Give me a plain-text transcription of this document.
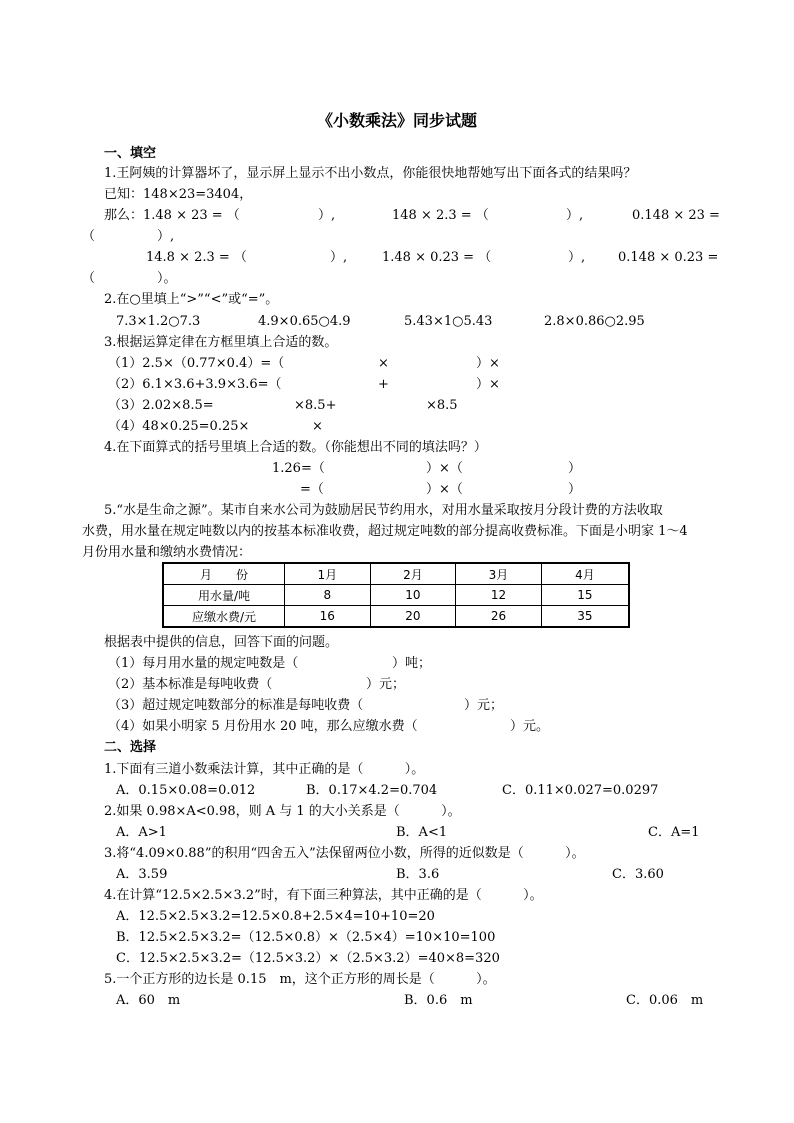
《小数乘法》同步试题
一、填空
1.王阿姨的计算器坏了，显示屏上显示不出小数点，你能很快地帮她写出下面各式的结果吗？
已知：148×23=3404，
那么：1.48 × 23 = （	）,	148 × 2.3 = （	）,	0.148 × 23 =
（               ）,
14.8 × 2.3 = （	）,	1.48 × 0.23 = （	）,	0.148 × 0.23 =
（               ）。
2.在○里填上“>”“<”或“=”。
7.3×1.2○7.3	4.9×0.65○4.9	5.43×1○5.43	2.8×0.86○2.95
3.根据运算定律在方框里填上合适的数。
（1）2.5×（0.77×0.4）=（	×	）×
（2）6.1×3.6+3.9×3.6=（	+	）×
（3）2.02×8.5=	×8.5+	×8.5
（4）48×0.25=0.25×	×
4.在下面算式的括号里填上合适的数。（你能想出不同的填法吗？）
1.26=（	）×（	）
=（	）×（	）
5.“水是生命之源”。某市自来水公司为鼓励居民节约用水，对用水量采取按月分段计费的方法收取
水费，用水量在规定吨数以内的按基本标准收费，超过规定吨数的部分提高收费标准。下面是小明家 1～4
月份用水量和缴纳水费情况：
月　　份	1月	2月	3月	4月
用水量/吨	8	10	12	15
应缴水费/元	16	20	26	35
根据表中提供的信息，回答下面的问题。
（1）每月用水量的规定吨数是（	）吨；
（2）基本标准是每吨收费（	）元；
（3）超过规定吨数部分的标准是每吨收费（	）元；
（4）如果小明家 5 月份用水 20 吨，那么应缴水费（	）元。
二、选择
1.下面有三道小数乘法计算，其中正确的是（          ）。
A．0.15×0.08=0.012	B．0.17×4.2=0.704	C．0.11×0.027=0.0297
2.如果 0.98×A<0.98，则 A 与 1 的大小关系是（          ）。
A．A>1	B．A<1	C．A=1
3.将“4.09×0.88”的积用“四舍五入”法保留两位小数，所得的近似数是（          ）。
A．3.59	B．3.6	C．3.60
4.在计算“12.5×2.5×3.2”时，有下面三种算法，其中正确的是（          ）。
A．12.5×2.5×3.2=12.5×0.8+2.5×4=10+10=20
B．12.5×2.5×3.2=（12.5×0.8）×（2.5×4）=10×10=100
C．12.5×2.5×3.2=（12.5×3.2）×（2.5×3.2）=40×8=320
5.一个正方形的边长是 0.15　m，这个正方形的周长是（          ）。
A．60　m	B．0.6　m	C．0.06　m
